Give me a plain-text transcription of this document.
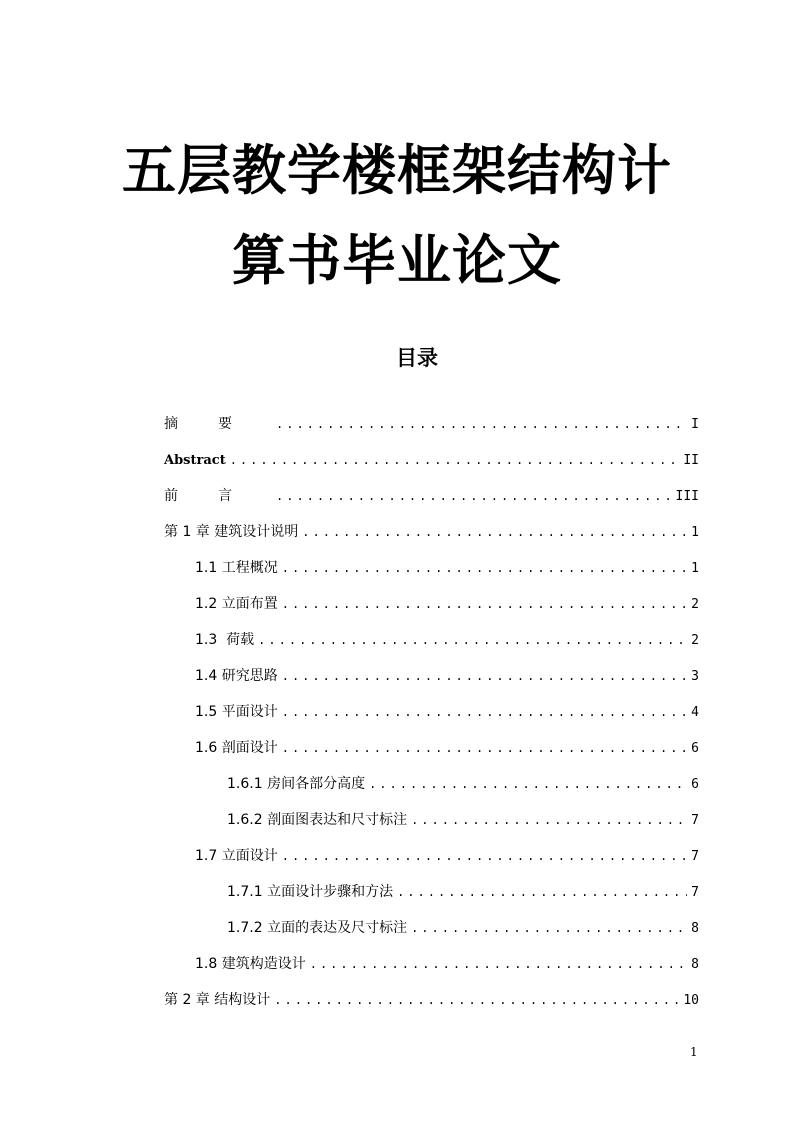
五层教学楼框架结构计
算书毕业论文
目录
摘要 .....	I
Abstract .....	II
前言 .....	III
第 1 章 建筑设计说明 .....	1
1.1 工程概况 .....	1
1.2 立面布置 .....	2
1.3  荷载 .....	2
1.4 研究思路 .....	3
1.5 平面设计 .....	4
1.6 剖面设计 .....	6
1.6.1 房间各部分高度 .....	6
1.6.2 剖面图表达和尺寸标注 .....	7
1.7 立面设计 .....	7
1.7.1 立面设计步骤和方法 .....	7
1.7.2 立面的表达及尺寸标注 .....	8
1.8 建筑构造设计 .....	8
第 2 章 结构设计 .....	10
1
